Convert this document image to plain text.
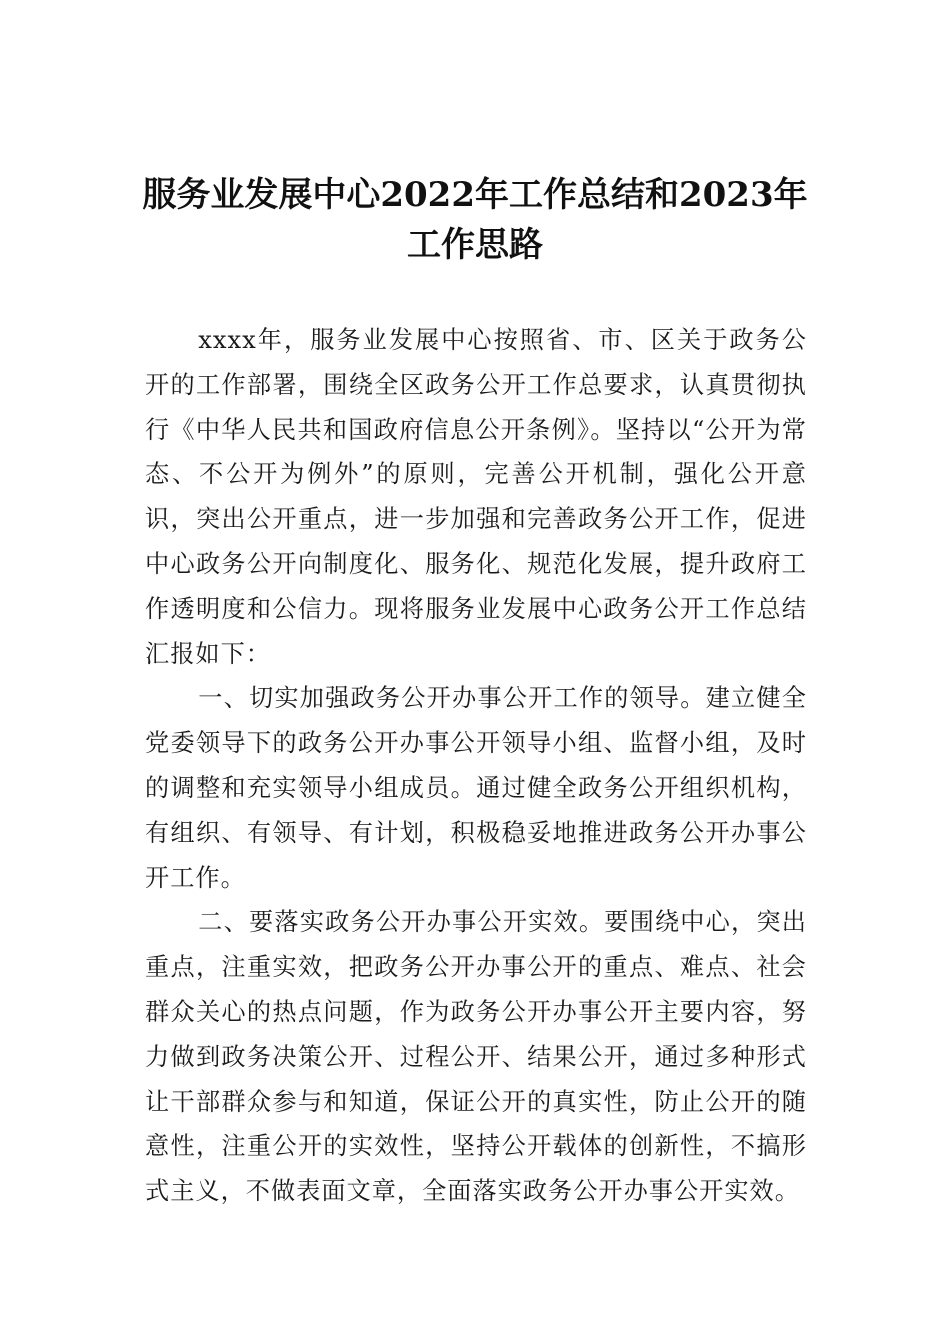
服务业发展中心2022年工作总结和2023年
工作思路

xxxx年，服务业发展中心按照省、市、区关于政务公开的工作部署，围绕全区政务公开工作总要求，认真贯彻执行《中华人民共和国政府信息公开条例》。坚持以“公开为常态、不公开为例外”的原则，完善公开机制，强化公开意识，突出公开重点，进一步加强和完善政务公开工作，促进中心政务公开向制度化、服务化、规范化发展，提升政府工作透明度和公信力。现将服务业发展中心政务公开工作总结汇报如下：

一、切实加强政务公开办事公开工作的领导。建立健全党委领导下的政务公开办事公开领导小组、监督小组，及时的调整和充实领导小组成员。通过健全政务公开组织机构，有组织、有领导、有计划，积极稳妥地推进政务公开办事公开工作。

二、要落实政务公开办事公开实效。要围绕中心，突出重点，注重实效，把政务公开办事公开的重点、难点、社会群众关心的热点问题，作为政务公开办事公开主要内容，努力做到政务决策公开、过程公开、结果公开，通过多种形式让干部群众参与和知道，保证公开的真实性，防止公开的随意性，注重公开的实效性，坚持公开载体的创新性，不搞形式主义，不做表面文章，全面落实政务公开办事公开实效。
